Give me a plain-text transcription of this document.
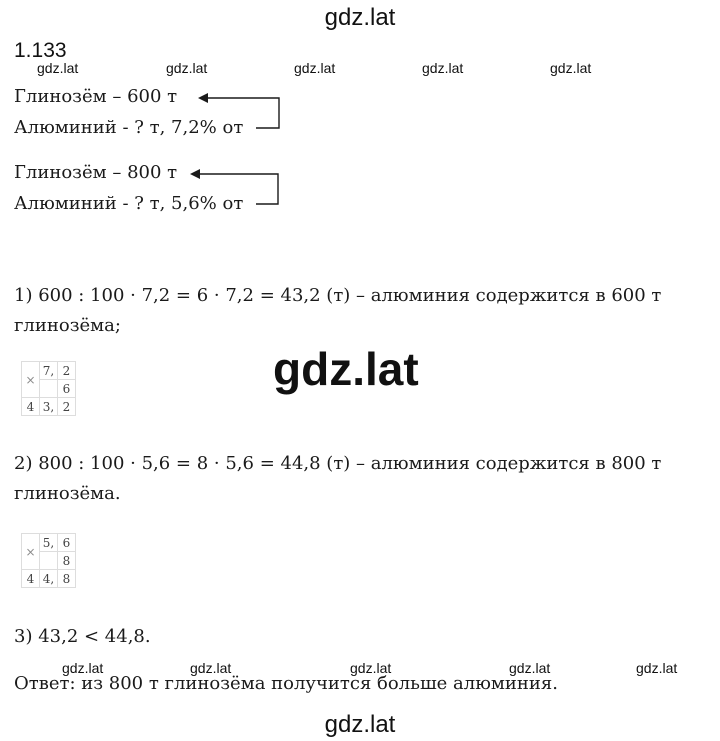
gdz.lat
1.133
gdz.lat	gdz.lat	gdz.lat	gdz.lat	gdz.lat
Глинозём – 600 т
Алюминий - ? т, 7,2% от
Глинозём – 800 т
Алюминий - ? т, 5,6% от
1) 600 : 100 · 7,2 = 6 · 7,2 = 43,2 (т) – алюминия содержится в 600 т
глинозёма;
×	7,	2
		6
4	3,	2
gdz.lat
2) 800 : 100 · 5,6 = 8 · 5,6 = 44,8 (т) – алюминия содержится в 800 т
глинозёма.
×	5,	6
		8
4	4,	8
3) 43,2 < 44,8.
gdz.lat	gdz.lat	gdz.lat	gdz.lat	gdz.lat
Ответ: из 800 т глинозёма получится больше алюминия.
gdz.lat
